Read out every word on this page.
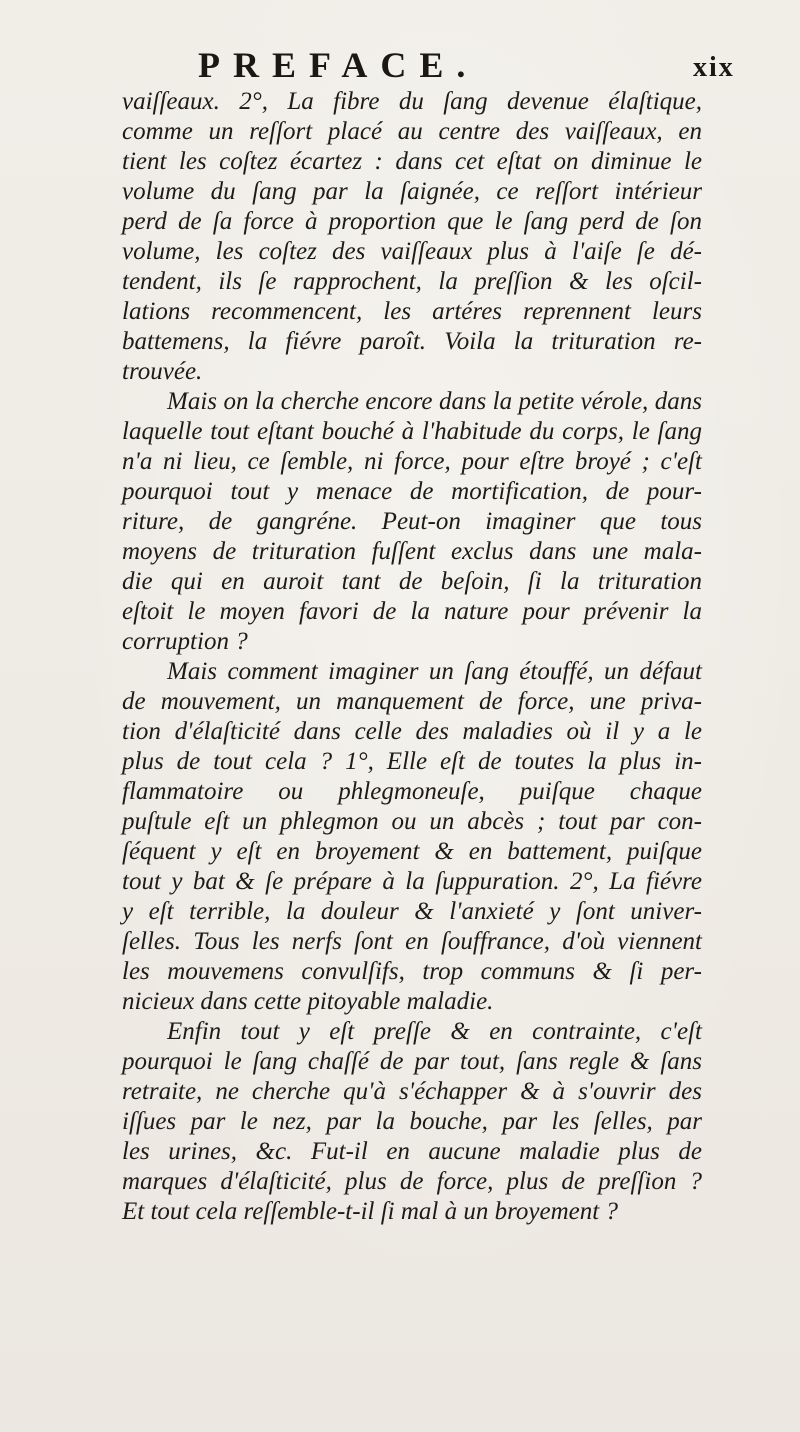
PREFACE.	xix
vaiſſeaux. 2°, La fibre du ſang devenue élaſtique,
comme un reſſort placé au centre des vaiſſeaux, en
tient les coſtez écartez : dans cet eſtat on diminue le
volume du ſang par la ſaignée, ce reſſort intérieur
perd de ſa force à proportion que le ſang perd de ſon
volume, les coſtez des vaiſſeaux plus à l'aiſe ſe dé-
tendent, ils ſe rapprochent, la preſſion & les oſcil-
lations recommencent, les artéres reprennent leurs
battemens, la fiévre paroît. Voila la trituration re-
trouvée.
Mais on la cherche encore dans la petite vérole, dans
laquelle tout eſtant bouché à l'habitude du corps, le ſang
n'a ni lieu, ce ſemble, ni force, pour eſtre broyé ; c'eſt
pourquoi tout y menace de mortification, de pour-
riture, de gangréne. Peut-on imaginer que tous
moyens de trituration fuſſent exclus dans une mala-
die qui en auroit tant de beſoin, ſi la trituration
eſtoit le moyen favori de la nature pour prévenir la
corruption ?
Mais comment imaginer un ſang étouffé, un défaut
de mouvement, un manquement de force, une priva-
tion d'élaſticité dans celle des maladies où il y a le
plus de tout cela ? 1°, Elle eſt de toutes la plus in-
flammatoire ou phlegmoneuſe, puiſque chaque
puſtule eſt un phlegmon ou un abcès ; tout par con-
ſéquent y eſt en broyement & en battement, puiſque
tout y bat & ſe prépare à la ſuppuration. 2°, La fiévre
y eſt terrible, la douleur & l'anxieté y ſont univer-
ſelles. Tous les nerfs ſont en ſouffrance, d'où viennent
les mouvemens convulſifs, trop communs & ſi per-
nicieux dans cette pitoyable maladie.
Enfin tout y eſt preſſe & en contrainte, c'eſt
pourquoi le ſang chaſſé de par tout, ſans regle & ſans
retraite, ne cherche qu'à s'échapper & à s'ouvrir des
iſſues par le nez, par la bouche, par les ſelles, par
les urines, &c. Fut-il en aucune maladie plus de
marques d'élaſticité, plus de force, plus de preſſion ?
Et tout cela reſſemble-t-il ſi mal à un broyement ?
